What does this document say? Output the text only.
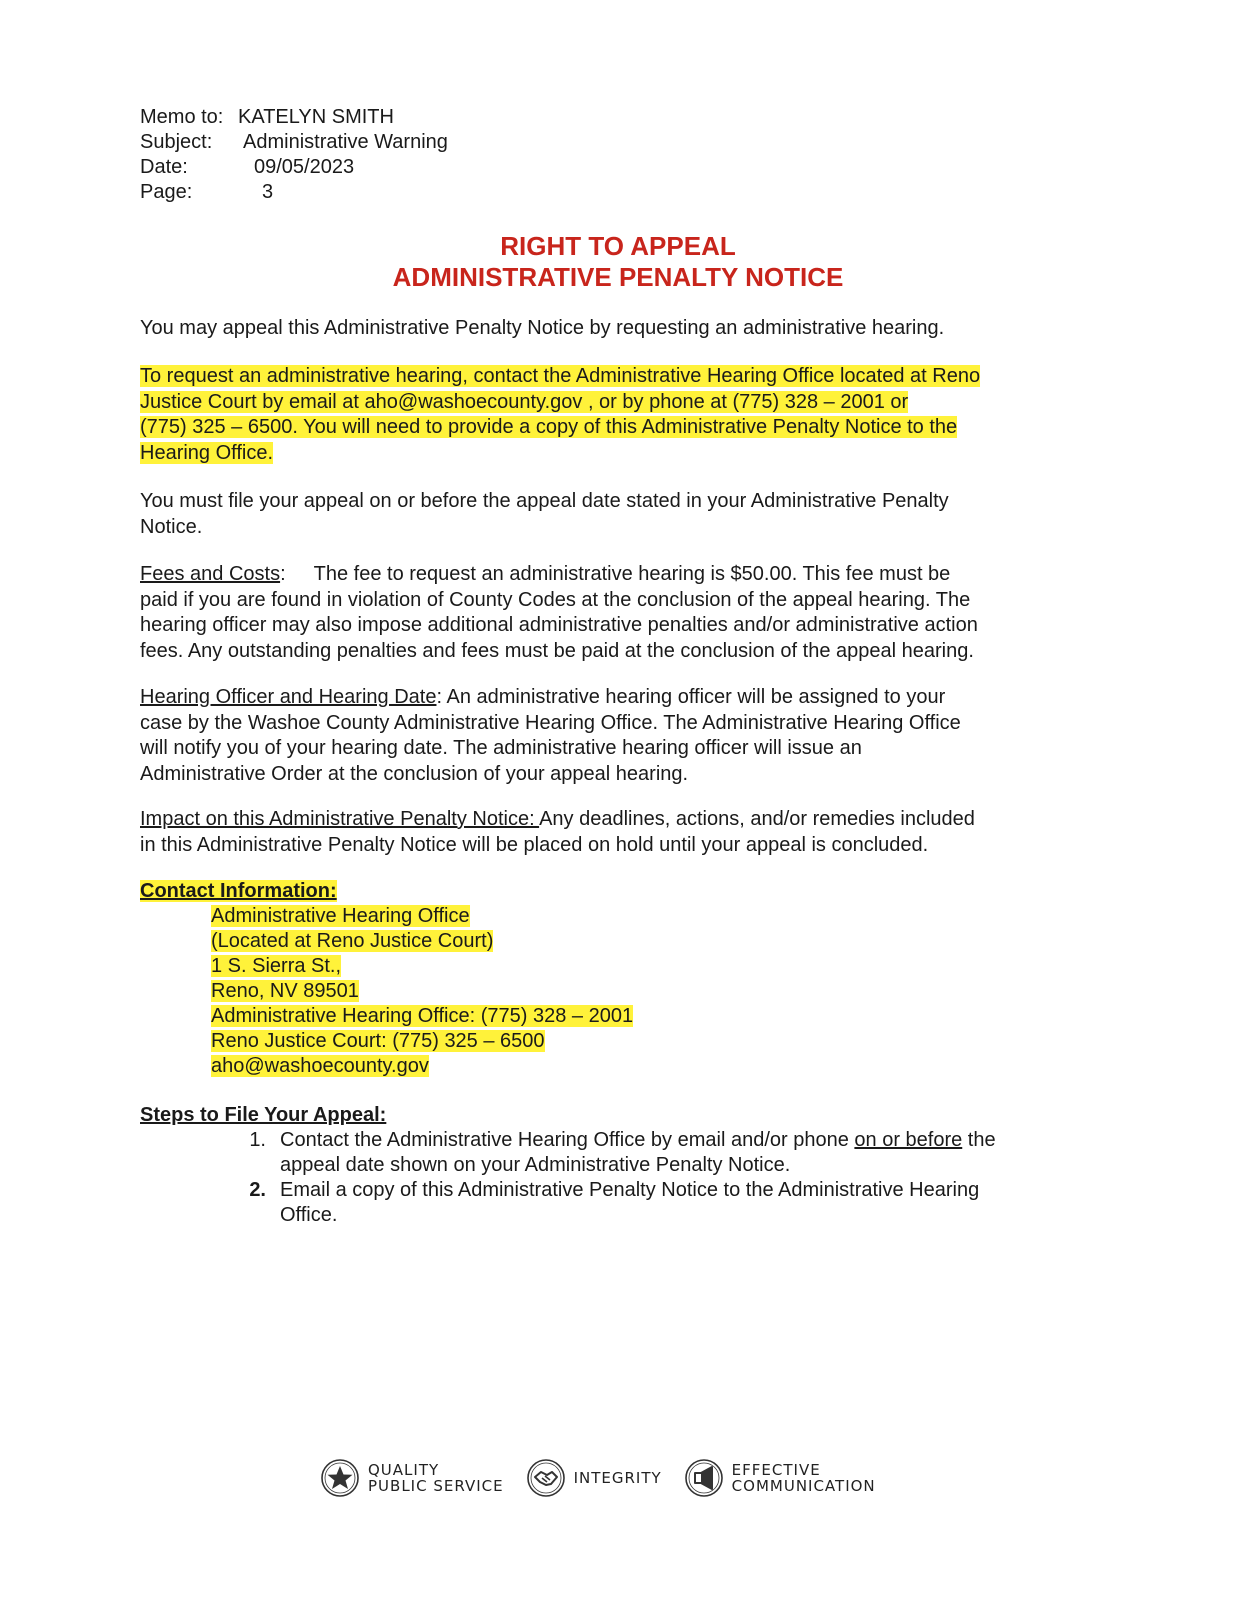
Memo to: KATELYN SMITH
Subject:	Administrative Warning
Date:	09/05/2023
Page:	3
RIGHT TO APPEAL
ADMINISTRATIVE PENALTY NOTICE
You may appeal this Administrative Penalty Notice by requesting an administrative hearing.
To request an administrative hearing, contact the Administrative Hearing Office located at Reno
Justice Court by email at aho@washoecounty.gov , or by phone at (775) 328 – 2001 or
(775) 325 – 6500. You will need to provide a copy of this Administrative Penalty Notice to the
Hearing Office.
You must file your appeal on or before the appeal date stated in your Administrative Penalty
Notice.
Fees and Costs: The fee to request an administrative hearing is $50.00. This fee must be
paid if you are found in violation of County Codes at the conclusion of the appeal hearing. The
hearing officer may also impose additional administrative penalties and/or administrative action
fees. Any outstanding penalties and fees must be paid at the conclusion of the appeal hearing.
Hearing Officer and Hearing Date: An administrative hearing officer will be assigned to your
case by the Washoe County Administrative Hearing Office. The Administrative Hearing Office
will notify you of your hearing date. The administrative hearing officer will issue an
Administrative Order at the conclusion of your appeal hearing.
Impact on this Administrative Penalty Notice: Any deadlines, actions, and/or remedies included
in this Administrative Penalty Notice will be placed on hold until your appeal is concluded.
Contact Information:
Administrative Hearing Office
(Located at Reno Justice Court)
1 S. Sierra St.,
Reno, NV 89501
Administrative Hearing Office: (775) 328 – 2001
Reno Justice Court: (775) 325 – 6500
aho@washoecounty.gov
Steps to File Your Appeal:
1. Contact the Administrative Hearing Office by email and/or phone on or before the
appeal date shown on your Administrative Penalty Notice.
2. Email a copy of this Administrative Penalty Notice to the Administrative Hearing
Office.
QUALITY
PUBLIC SERVICE	INTEGRITY	EFFECTIVE
COMMUNICATION
